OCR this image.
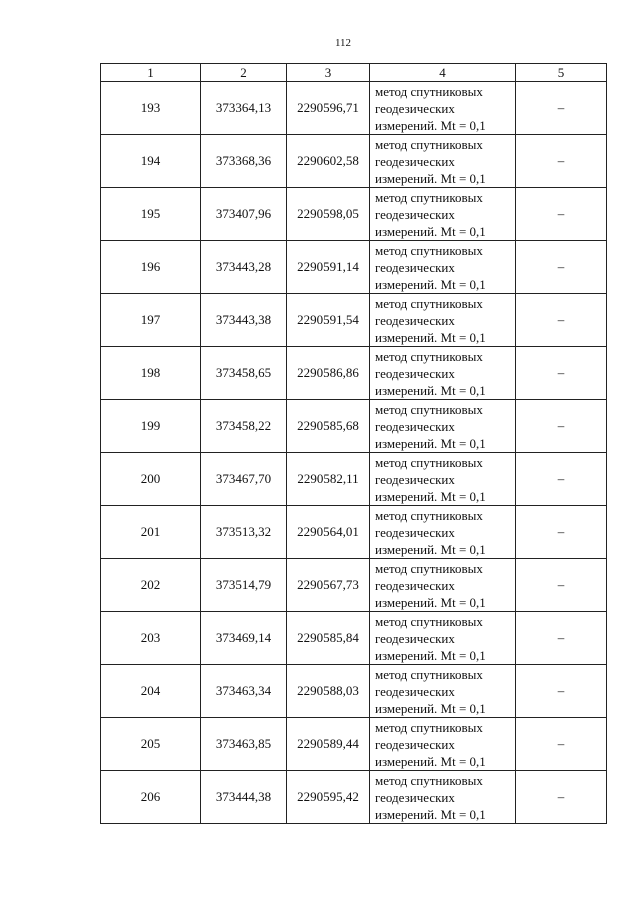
112
1	2	3	4	5
193	373364,13	2290596,71	метод спутниковых
геодезических
измерений. Mt = 0,1	–
194	373368,36	2290602,58	метод спутниковых
геодезических
измерений. Mt = 0,1	–
195	373407,96	2290598,05	метод спутниковых
геодезических
измерений. Mt = 0,1	–
196	373443,28	2290591,14	метод спутниковых
геодезических
измерений. Mt = 0,1	–
197	373443,38	2290591,54	метод спутниковых
геодезических
измерений. Mt = 0,1	–
198	373458,65	2290586,86	метод спутниковых
геодезических
измерений. Mt = 0,1	–
199	373458,22	2290585,68	метод спутниковых
геодезических
измерений. Mt = 0,1	–
200	373467,70	2290582,11	метод спутниковых
геодезических
измерений. Mt = 0,1	–
201	373513,32	2290564,01	метод спутниковых
геодезических
измерений. Mt = 0,1	–
202	373514,79	2290567,73	метод спутниковых
геодезических
измерений. Mt = 0,1	–
203	373469,14	2290585,84	метод спутниковых
геодезических
измерений. Mt = 0,1	–
204	373463,34	2290588,03	метод спутниковых
геодезических
измерений. Mt = 0,1	–
205	373463,85	2290589,44	метод спутниковых
геодезических
измерений. Mt = 0,1	–
206	373444,38	2290595,42	метод спутниковых
геодезических
измерений. Mt = 0,1	–
